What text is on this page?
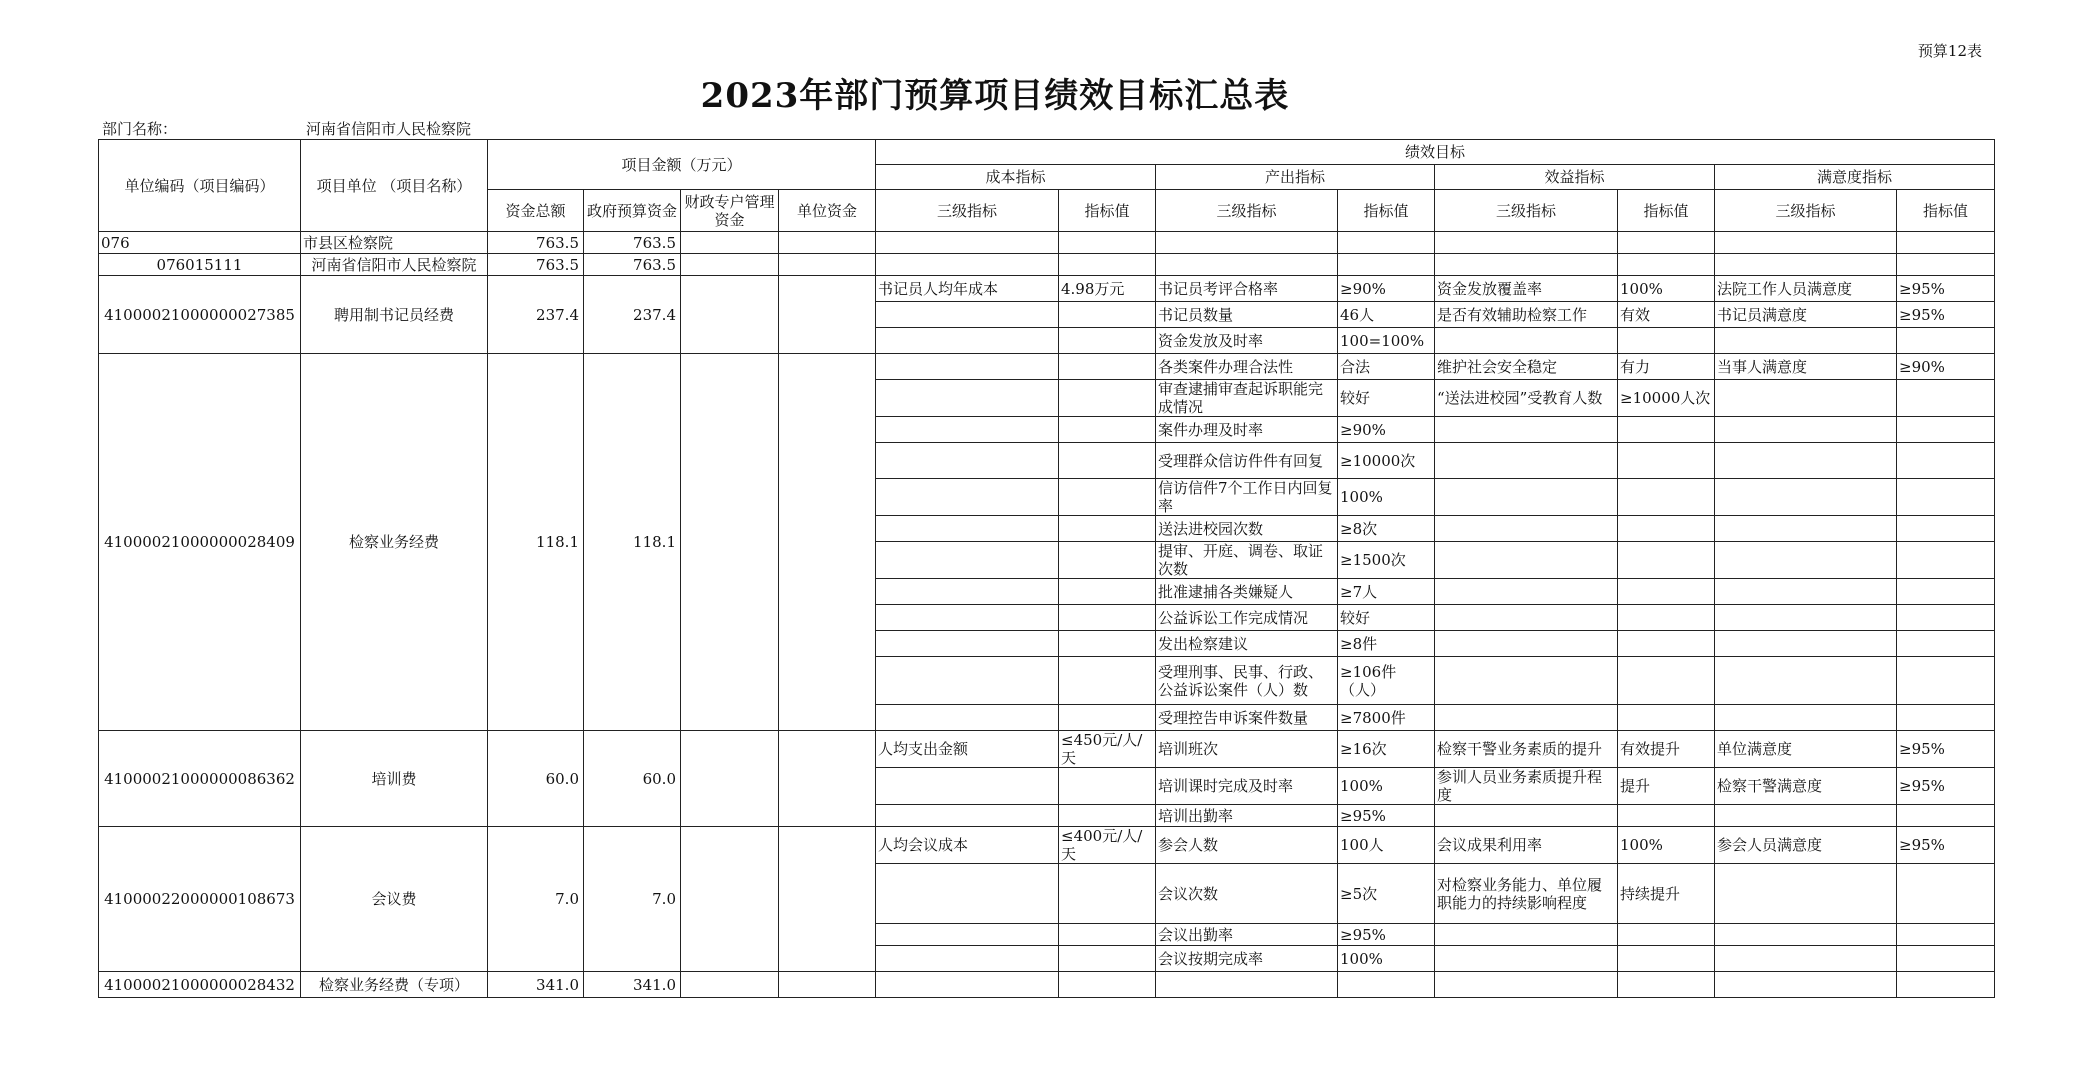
预算12表
2023年部门预算项目绩效目标汇总表
部门名称：	河南省信阳市人民检察院
单位编码（项目编码）	项目单位 （项目名称）	项目金额（万元）				绩效目标							
						成本指标		产出指标		效益指标		满意度指标	
		资金总额	政府预算资金	财政专户管理资金	单位资金	三级指标	指标值	三级指标	指标值	三级指标	指标值	三级指标	指标值
076	市县区检察院	763.5	763.5										
076015111	河南省信阳市人民检察院	763.5	763.5										
41000021000000027385	聘用制书记员经费	237.4	237.4			书记员人均年成本	4.98万元	书记员考评合格率	≥90%	资金发放覆盖率	100%	法院工作人员满意度	≥95%
								书记员数量	46人	是否有效辅助检察工作	有效	书记员满意度	≥95%
								资金发放及时率	100=100%				
41000021000000028409	检察业务经费	118.1	118.1					各类案件办理合法性	合法	维护社会安全稳定	有力	当事人满意度	≥90%
								审查逮捕审查起诉职能完成情况	较好	“送法进校园”受教育人数	≥10000人次		
								案件办理及时率	≥90%				
								受理群众信访件件有回复	≥10000次				
								信访信件7个工作日内回复率	100%				
								送法进校园次数	≥8次				
								提审、开庭、调卷、取证次数	≥1500次				
								批准逮捕各类嫌疑人	≥7人				
								公益诉讼工作完成情况	较好				
								发出检察建议	≥8件				
								受理刑事、民事、行政、公益诉讼案件（人）数	≥106件（人）				
								受理控告申诉案件数量	≥7800件				
41000021000000086362	培训费	60.0	60.0			人均支出金额	≤450元/人/天	培训班次	≥16次	检察干警业务素质的提升	有效提升	单位满意度	≥95%
								培训课时完成及时率	100%	参训人员业务素质提升程度	提升	检察干警满意度	≥95%
								培训出勤率	≥95%				
41000022000000108673	会议费	7.0	7.0			人均会议成本	≤400元/人/天	参会人数	100人	会议成果利用率	100%	参会人员满意度	≥95%
								会议次数	≥5次	对检察业务能力、单位履职能力的持续影响程度	持续提升		
								会议出勤率	≥95%				
								会议按期完成率	100%				
41000021000000028432	检察业务经费（专项）	341.0	341.0										
